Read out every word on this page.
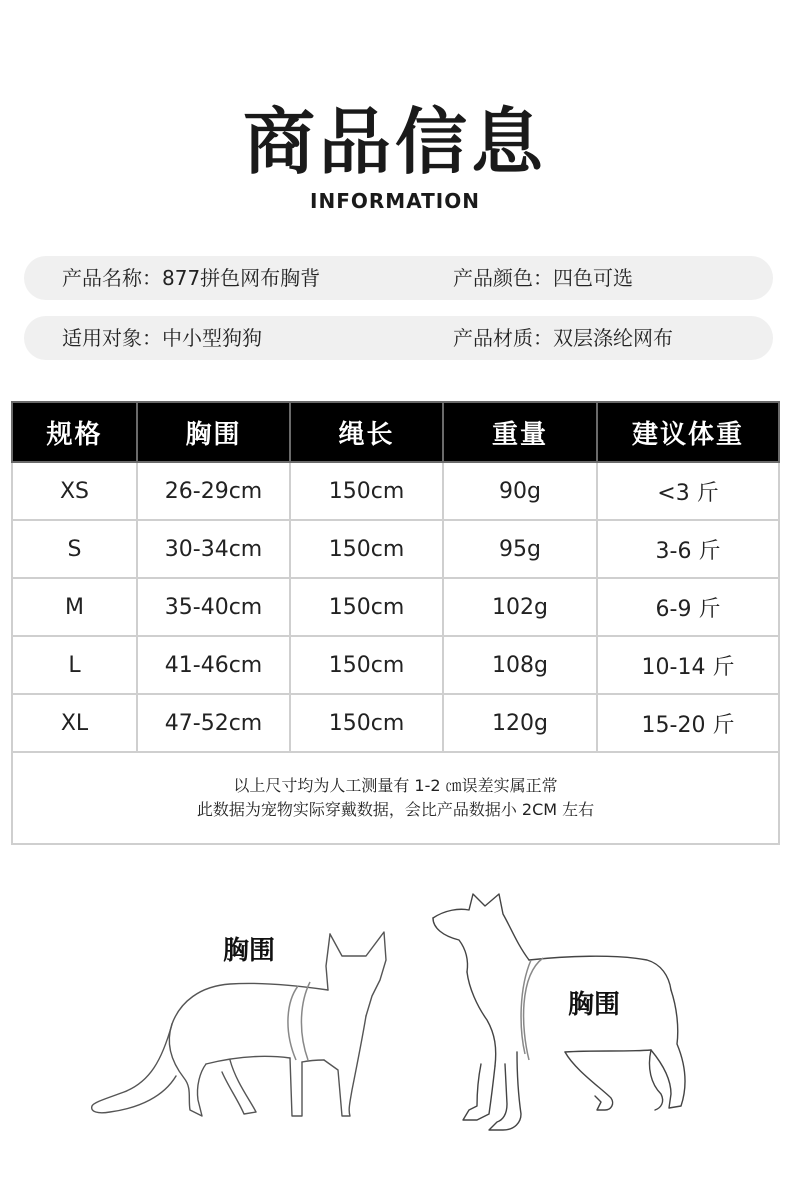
商品信息
INFORMATION
产品名称：877拼色网布胸背	产品颜色：四色可选
适用对象：中小型狗狗	产品材质：双层涤纶网布
规格	胸围	绳长	重量	建议体重
XS	26-29cm	150cm	90g	<3 斤
S	30-34cm	150cm	95g	3-6 斤
M	35-40cm	150cm	102g	6-9 斤
L	41-46cm	150cm	108g	10-14 斤
XL	47-52cm	150cm	120g	15-20 斤

以上尺寸均为人工测量有 1-2 ㎝误差实属正常
此数据为宠物实际穿戴数据，会比产品数据小 2CM 左右				
胸围
胸围
